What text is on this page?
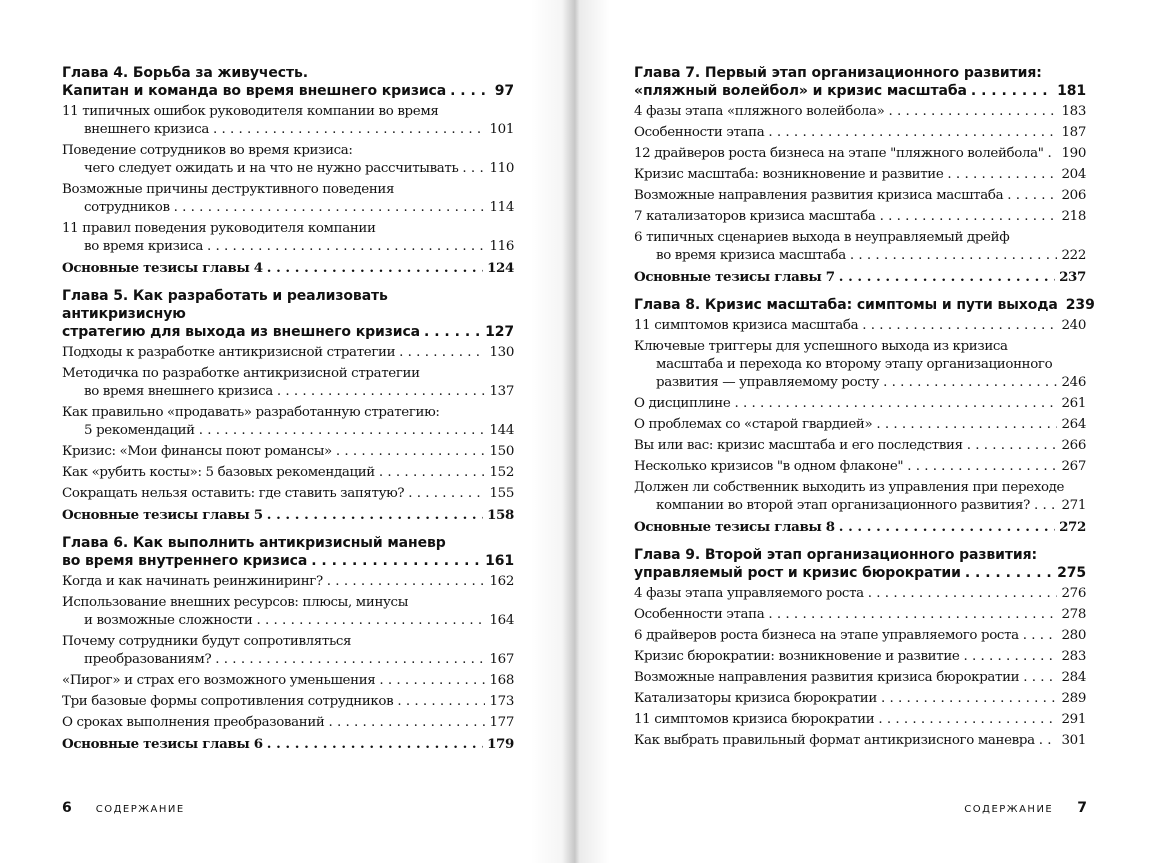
Глава 4. Борьба за живучесть.
Капитан и команда во время внешнего кризиса . . .	97
11 типичных ошибок руководителя компании во время
внешнего кризиса . . .	101
Поведение сотрудников во время кризиса:
чего следует ожидать и на что не нужно рассчитывать . . . 110
Возможные причины деструктивного поведения
сотрудников . . .	114
11 правил поведения руководителя компании
во время кризиса . . .	116
Основные тезисы главы 4 . . .	124
Глава 5. Как разработать и реализовать антикризисную
стратегию для выхода из внешнего кризиса . . .	127
Подходы к разработке антикризисной стратегии . . .	130
Методичка по разработке антикризисной стратегии
во время внешнего кризиса . . .	137
Как правильно «продавать» разработанную стратегию:
5 рекомендаций . . .	144
Кризис: «Мои финансы поют романсы» . . .	150
Как «рубить косты»: 5 базовых рекомендаций . . .	152
Сокращать нельзя оставить: где ставить запятую? . . .	155
Основные тезисы главы 5 . . .	158
Глава 6. Как выполнить антикризисный маневр
во время внутреннего кризиса . . .	161
Когда и как начинать реинжиниринг? . . .	162
Использование внешних ресурсов: плюсы, минусы
и возможные сложности . . .	164
Почему сотрудники будут сопротивляться
преобразованиям? . . .	167
«Пирог» и страх его возможного уменьшения . . .	168
Три базовые формы сопротивления сотрудников . . .	173
О сроках выполнения преобразований . . .	177
Основные тезисы главы 6 . . .	179
Глава 7. Первый этап организационного развития:
«пляжный волейбол» и кризис масштаба . . .	181
4 фазы этапа «пляжного волейбола» . . .	183
Особенности этапа . . .	187
12 драйверов роста бизнеса на этапе "пляжного волейбола" . . . 190
Кризис масштаба: возникновение и развитие . . .	204
Возможные направления развития кризиса масштаба . . .	206
7 катализаторов кризиса масштаба . . .	218
6 типичных сценариев выхода в неуправляемый дрейф
во время кризиса масштаба . . .	222
Основные тезисы главы 7 . . .	237
Глава 8. Кризис масштаба: симптомы и пути выхода 239
11 симптомов кризиса масштаба . . .	240
Ключевые триггеры для успешного выхода из кризиса
масштаба и перехода ко второму этапу организационного
развития — управляемому росту . . .	246
О дисциплине . . .	261
О проблемах со «старой гвардией» . . .	264
Вы или вас: кризис масштаба и его последствия . . .	266
Несколько кризисов "в одном флаконе" . . .	267
Должен ли собственник выходить из управления при переходе
компании во второй этап организационного развития? . . . 271
Основные тезисы главы 8 . . .	272
Глава 9. Второй этап организационного развития:
управляемый рост и кризис бюрократии . . .	275
4 фазы этапа управляемого роста . . .	276
Особенности этапа . . .	278
6 драйверов роста бизнеса на этапе управляемого роста . . .	280
Кризис бюрократии: возникновение и развитие . . .	283
Возможные направления развития кризиса бюрократии . . .	284
Катализаторы кризиса бюрократии . . .	289
11 симптомов кризиса бюрократии . . .	291
Как выбрать правильный формат антикризисного маневра . . . 301
6 СОДЕРЖАНИЕ	СОДЕРЖАНИЕ 7
